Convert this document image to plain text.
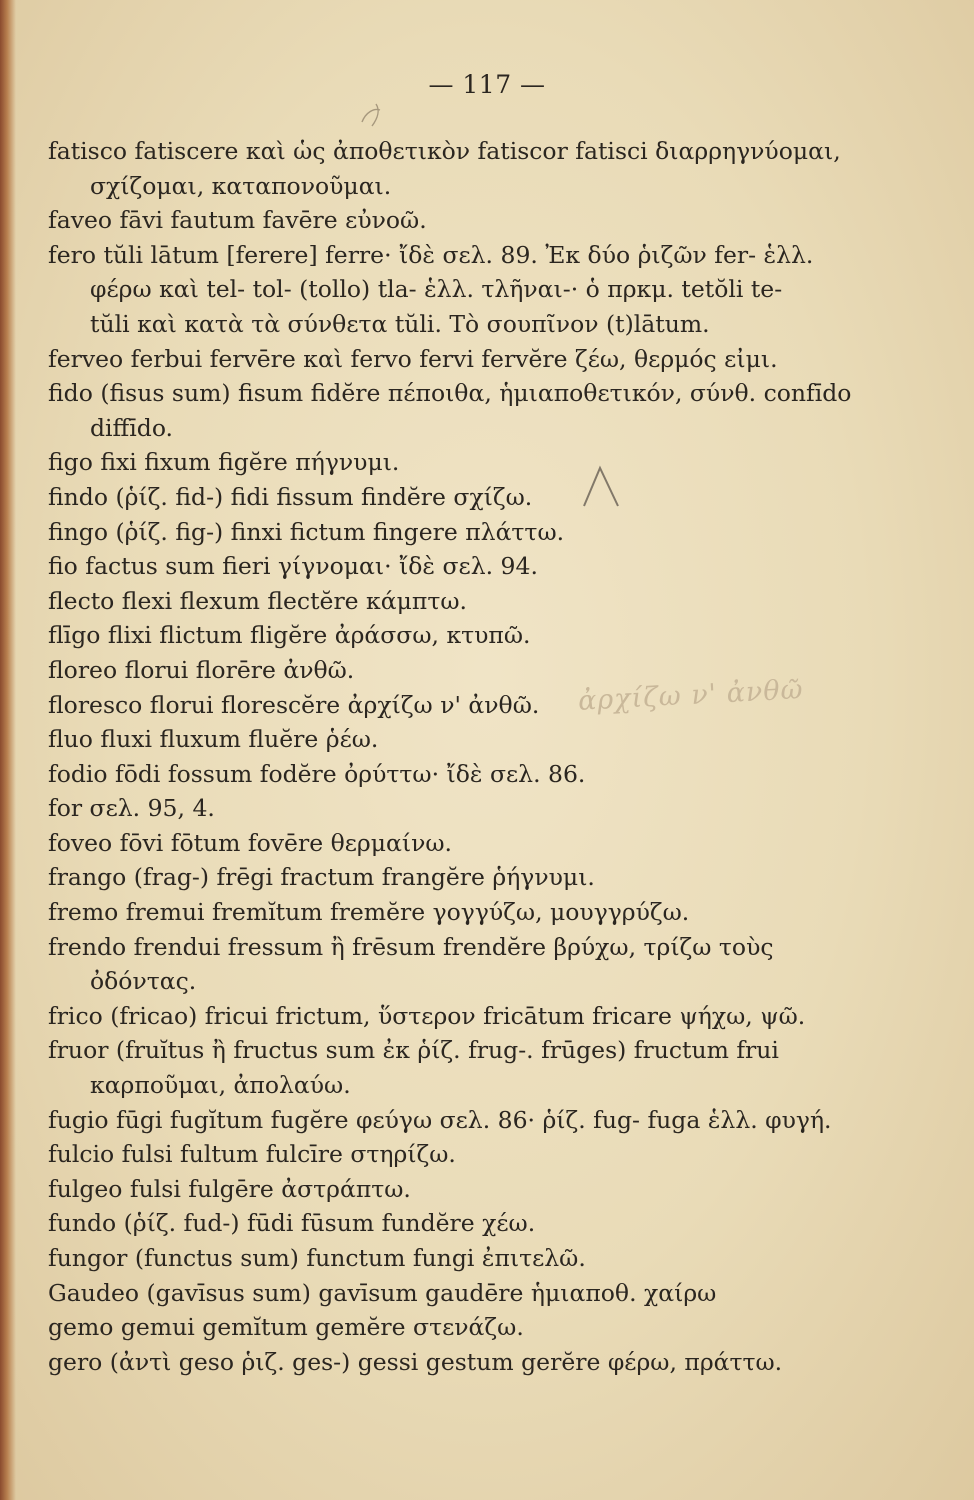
— 117 —
fatisco fatiscere καὶ ὡς ἀποθετικὸν fatiscor fatisci διαρρηγνύομαι,
σχίζομαι, καταπονοῦμαι.
faveo fāvi fautum favēre εὐνοῶ.
fero tŭli lātum [ferere] ferre· ἴδὲ σελ. 89. Ἐκ δύο ῥιζῶν fer- ἑλλ.
φέρω καὶ tel- tol- (tollo) tla- ἑλλ. τλῆναι-· ὁ πρκμ. tetŏli te-
tŭli καὶ κατὰ τὰ σύνθετα tŭli. Τὸ σουπῖνον (t)lātum.
ferveo ferbui fervēre καὶ fervo fervi fervĕre ζέω, θερμός εἰμι.
fido (fisus sum) fisum fidĕre πέποιθα, ἡμιαποθετικόν, σύνθ. confīdo
diffīdo.
figo fixi fixum figĕre πήγνυμι.
findo (ῥίζ. fid-) fidi fissum findĕre σχίζω.
fingo (ῥίζ. fig-) finxi fictum fingere πλάττω.
fio factus sum fieri γίγνομαι· ἴδὲ σελ. 94.
flecto flexi flexum flectĕre κάμπτω.
flīgo flixi flictum fligĕre ἀράσσω, κτυπῶ.
floreo florui florēre ἀνθῶ.
floresco florui florescĕre ἀρχίζω ν' ἀνθῶ.
fluo fluxi fluxum fluĕre ῥέω.
fodio fōdi fossum fodĕre ὀρύττω· ἴδὲ σελ. 86.
for σελ. 95, 4.
foveo fōvi fōtum fovēre θερμαίνω.
frango (frag-) frēgi fractum frangĕre ῥήγνυμι.
fremo fremui fremĭtum fremĕre γογγύζω, μουγγρύζω.
frendo frendui fressum ἢ frēsum frendĕre βρύχω, τρίζω τοὺς
ὀδόντας.
frico (fricao) fricui frictum, ὕστερον fricātum fricare ψήχω, ψῶ.
fruor (fruĭtus ἢ fructus sum ἐκ ῥίζ. frug-. frūges) fructum frui
καρποῦμαι, ἀπολαύω.
fugio fūgi fugĭtum fugĕre φεύγω σελ. 86· ῥίζ. fug- fuga ἑλλ. φυγή.
fulcio fulsi fultum fulcīre στηρίζω.
fulgeo fulsi fulgēre ἀστράπτω.
fundo (ῥίζ. fud-) fūdi fūsum fundĕre χέω.
fungor (functus sum) functum fungi ἐπιτελῶ.
Gaudeo (gavīsus sum) gavīsum gaudēre ἡμιαποθ. χαίρω
gemo gemui gemĭtum gemĕre στενάζω.
gero (ἀντὶ geso ῥιζ. ges-) gessi gestum gerĕre φέρω, πράττω.
ἀρχίζω ν' ἀνθῶ
